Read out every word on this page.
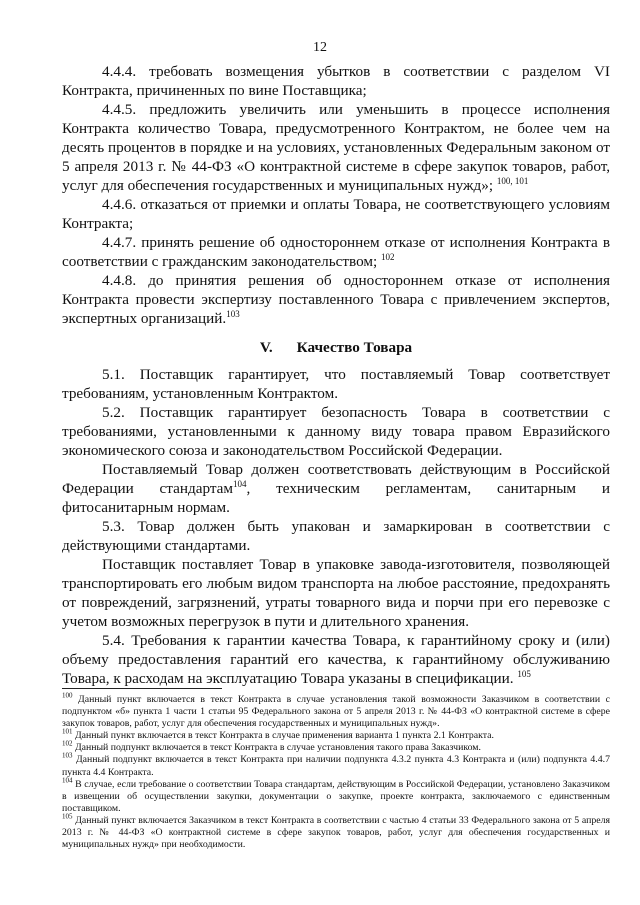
12

4.4.4. требовать возмещения убытков в соответствии с разделом VI Контракта, причиненных по вине Поставщика;

4.4.5. предложить увеличить или уменьшить в процессе исполнения Контракта количество Товара, предусмотренного Контрактом, не более чем на десять процентов в порядке и на условиях, установленных Федеральным законом от 5 апреля 2013 г. № 44-ФЗ «О контрактной системе в сфере закупок товаров, работ, услуг для обеспечения государственных и муниципальных нужд»; $^{100, 101}$

4.4.6. отказаться от приемки и оплаты Товара, не соответствующего условиям Контракта;

4.4.7. принять решение об одностороннем отказе от исполнения Контракта в соответствии с гражданским законодательством; $^{102}$

4.4.8. до принятия решения об одностороннем отказе от исполнения Контракта провести экспертизу поставленного Товара с привлечением экспертов, экспертных организаций.$^{103}$

V. Качество Товара

5.1. Поставщик гарантирует, что поставляемый Товар соответствует требованиям, установленным Контрактом.

5.2. Поставщик гарантирует безопасность Товара в соответствии с требованиями, установленными к данному виду товара правом Евразийского экономического союза и законодательством Российской Федерации.

Поставляемый Товар должен соответствовать действующим в Российской Федерации стандартам$^{104}$, техническим регламентам, санитарным и фитосанитарным нормам.

5.3. Товар должен быть упакован и замаркирован в соответствии с действующими стандартами.

Поставщик поставляет Товар в упаковке завода-изготовителя, позволяющей транспортировать его любым видом транспорта на любое расстояние, предохранять от повреждений, загрязнений, утраты товарного вида и порчи при его перевозке с учетом возможных перегрузок в пути и длительного хранения.

5.4. Требования к гарантии качества Товара, к гарантийному сроку и (или) объему предоставления гарантий его качества, к гарантийному обслуживанию Товара, к расходам на эксплуатацию Товара указаны в спецификации. $^{105}$

$^{100}$ Данный пункт включается в текст Контракта в случае установления такой возможности Заказчиком в соответствии с подпунктом «б» пункта 1 части 1 статьи 95 Федерального закона от 5 апреля 2013 г. № 44-ФЗ «О контрактной системе в сфере закупок товаров, работ, услуг для обеспечения государственных и муниципальных нужд».

$^{101}$ Данный пункт включается в текст Контракта в случае применения варианта 1 пункта 2.1 Контракта.

$^{102}$ Данный подпункт включается в текст Контракта в случае установления такого права Заказчиком.

$^{103}$ Данный подпункт включается в текст Контракта при наличии подпункта 4.3.2 пункта 4.3 Контракта и (или) подпункта 4.4.7 пункта 4.4 Контракта.

$^{104}$ В случае, если требование о соответствии Товара стандартам, действующим в Российской Федерации, установлено Заказчиком в извещении об осуществлении закупки, документации о закупке, проекте контракта, заключаемого с единственным поставщиком.

$^{105}$ Данный пункт включается Заказчиком в текст Контракта в соответствии с частью 4 статьи 33 Федерального закона от 5 апреля 2013 г. № 44-ФЗ «О контрактной системе в сфере закупок товаров, работ, услуг для обеспечения государственных и муниципальных нужд» при необходимости.
